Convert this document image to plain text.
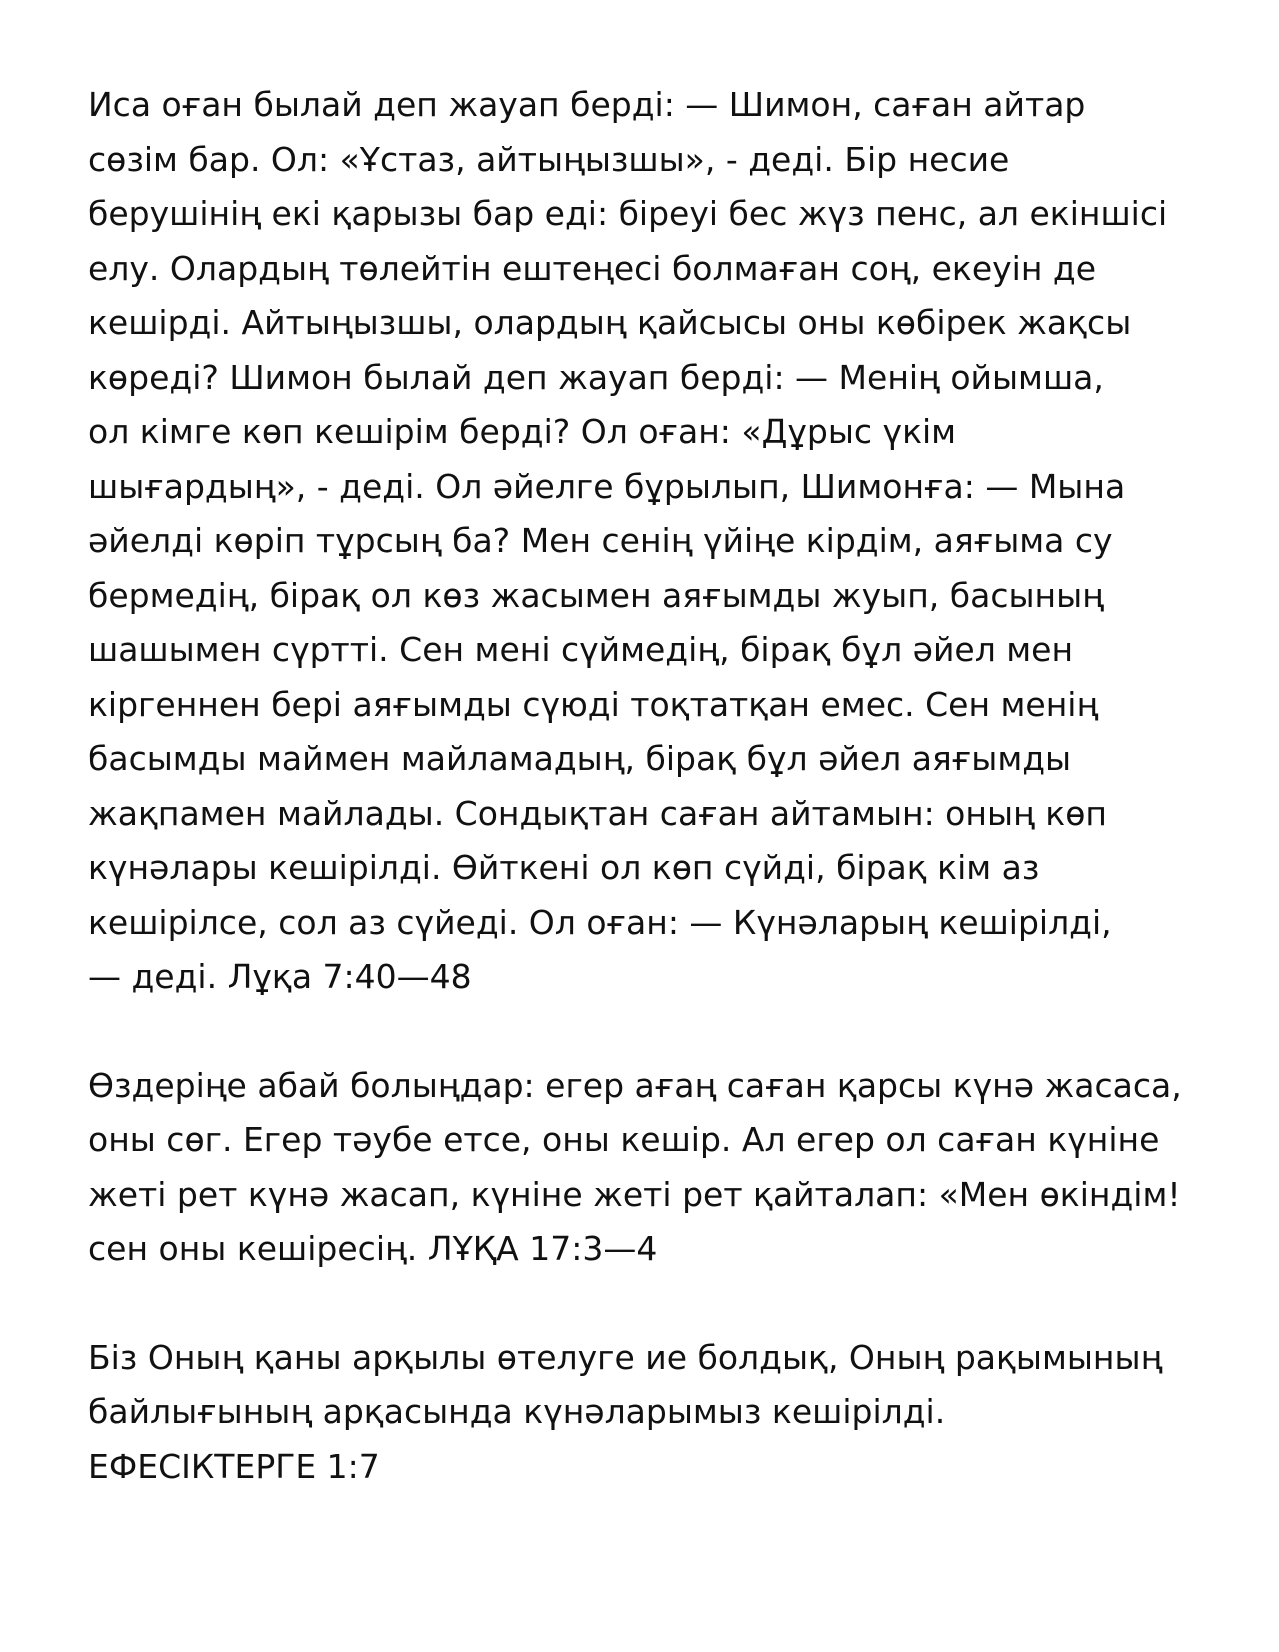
Иса оған былай деп жауап берді: — Шимон, саған айтар
сөзім бар. Ол: «Ұстаз, айтыңызшы», - деді. Бір несие
берушінің екі қарызы бар еді: біреуі бес жүз пенс, ал екіншісі
елу. Олардың төлейтін ештеңесі болмаған соң, екеуін де
кешірді. Айтыңызшы, олардың қайсысы оны көбірек жақсы
көреді? Шимон былай деп жауап берді: — Менің ойымша,
ол кімге көп кешірім берді? Ол оған: «Дұрыс үкім
шығардың», - деді. Ол әйелге бұрылып, Шимонға: — Мына
әйелді көріп тұрсың ба? Мен сенің үйіңе кірдім, аяғыма су
бермедің, бірақ ол көз жасымен аяғымды жуып, басының
шашымен сүртті. Сен мені сүймедің, бірақ бұл әйел мен
кіргеннен бері аяғымды сүюді тоқтатқан емес. Сен менің
басымды маймен майламадың, бірақ бұл әйел аяғымды
жақпамен майлады. Сондықтан саған айтамын: оның көп
күнәлары кешірілді. Өйткені ол көп сүйді, бірақ кім аз
кешірілсе, сол аз сүйеді. Ол оған: — Күнәларың кешірілді,
— деді. Лұқа 7:40—48

Өздеріңе абай болыңдар: егер ағаң саған қарсы күнә жасаса,
оны сөг. Егер тәубе етсе, оны кешір. Ал егер ол саған күніне
жеті рет күнә жасап, күніне жеті рет қайталап: «Мен өкіндім!
сен оны кешіресің. ЛҰҚА 17:3—4

Біз Оның қаны арқылы өтелуге ие болдық, Оның рақымының
байлығының арқасында күнәларымыз кешірілді.
ЕФЕСІКТЕРГЕ 1:7
